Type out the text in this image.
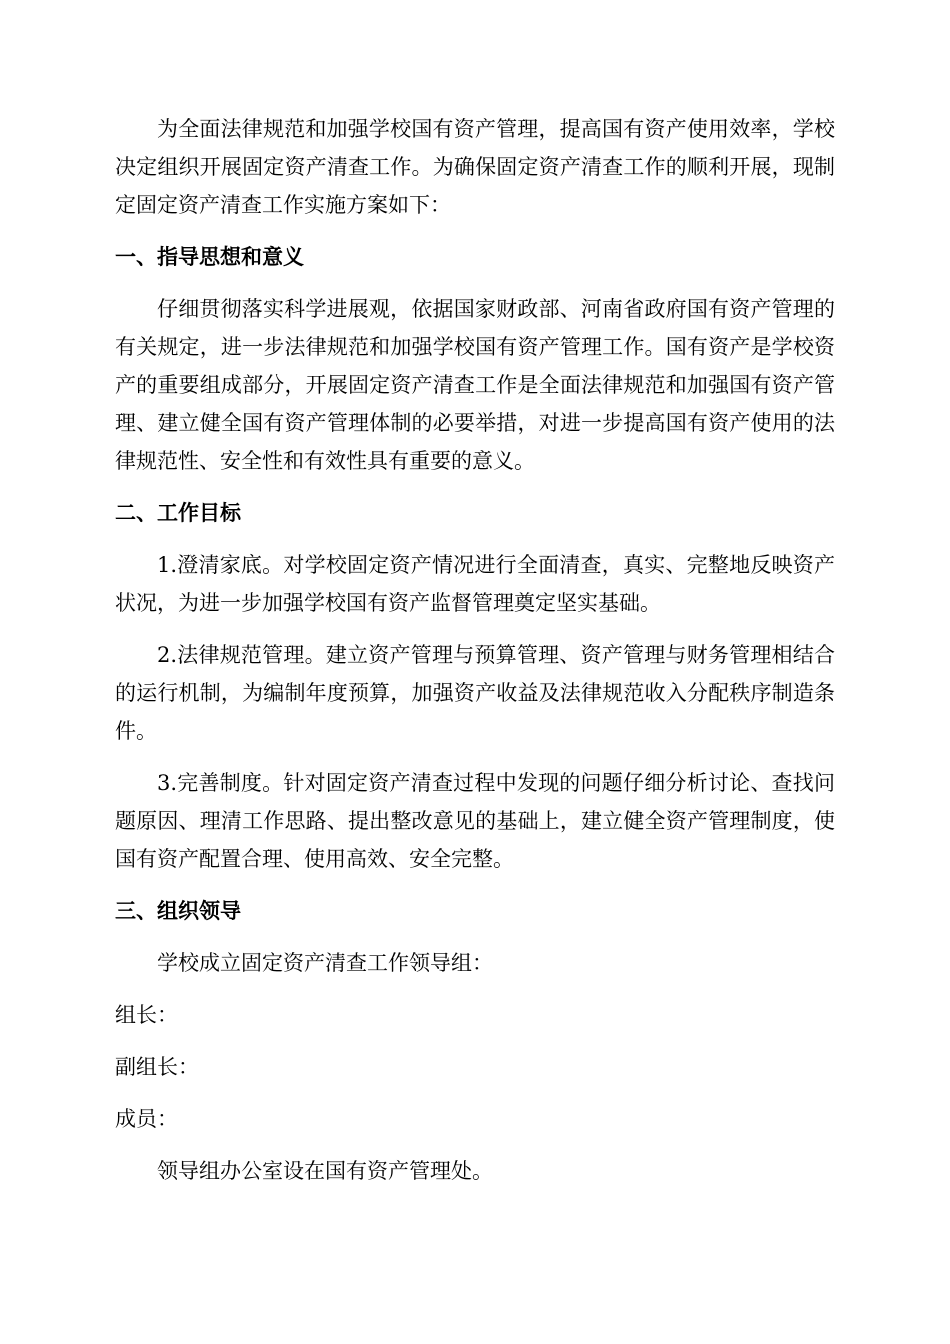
为全面法律规范和加强学校国有资产管理，提高国有资产使用效率，学校决定组织开展固定资产清查工作。为确保固定资产清查工作的顺利开展，现制定固定资产清查工作实施方案如下：

一、指导思想和意义

仔细贯彻落实科学进展观，依据国家财政部、河南省政府国有资产管理的有关规定，进一步法律规范和加强学校国有资产管理工作。国有资产是学校资产的重要组成部分，开展固定资产清查工作是全面法律规范和加强国有资产管理、建立健全国有资产管理体制的必要举措，对进一步提高国有资产使用的法律规范性、安全性和有效性具有重要的意义。

二、工作目标

1.澄清家底。对学校固定资产情况进行全面清查，真实、完整地反映资产状况，为进一步加强学校国有资产监督管理奠定坚实基础。

2.法律规范管理。建立资产管理与预算管理、资产管理与财务管理相结合的运行机制，为编制年度预算，加强资产收益及法律规范收入分配秩序制造条件。

3.完善制度。针对固定资产清查过程中发现的问题仔细分析讨论、查找问题原因、理清工作思路、提出整改意见的基础上，建立健全资产管理制度，使国有资产配置合理、使用高效、安全完整。

三、组织领导

学校成立固定资产清查工作领导组：

组长：

副组长：

成员：

领导组办公室设在国有资产管理处。
